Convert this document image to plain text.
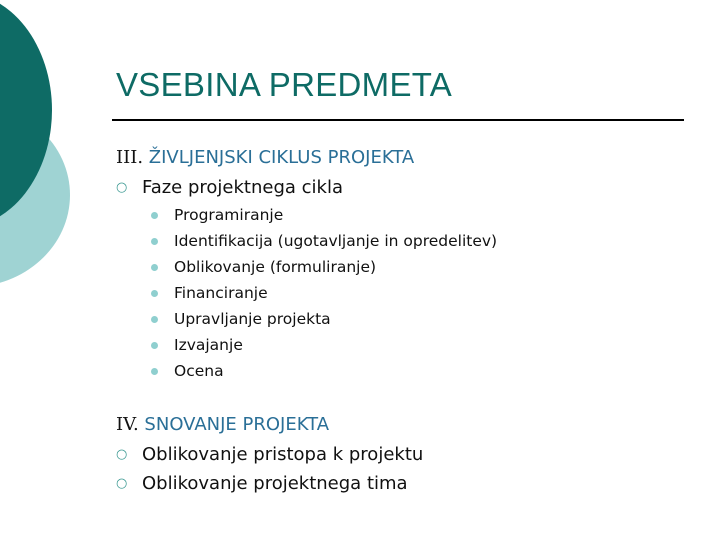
VSEBINA PREDMETA
III. ŽIVLJENJSKI CIKLUS PROJEKTA
○ Faze projektnega cikla
Programiranje
Identifikacija (ugotavljanje in opredelitev)
Oblikovanje (formuliranje)
Financiranje
Upravljanje projekta
Izvajanje
Ocena
IV. SNOVANJE PROJEKTA
○ Oblikovanje pristopa k projektu
○ Oblikovanje projektnega tima
